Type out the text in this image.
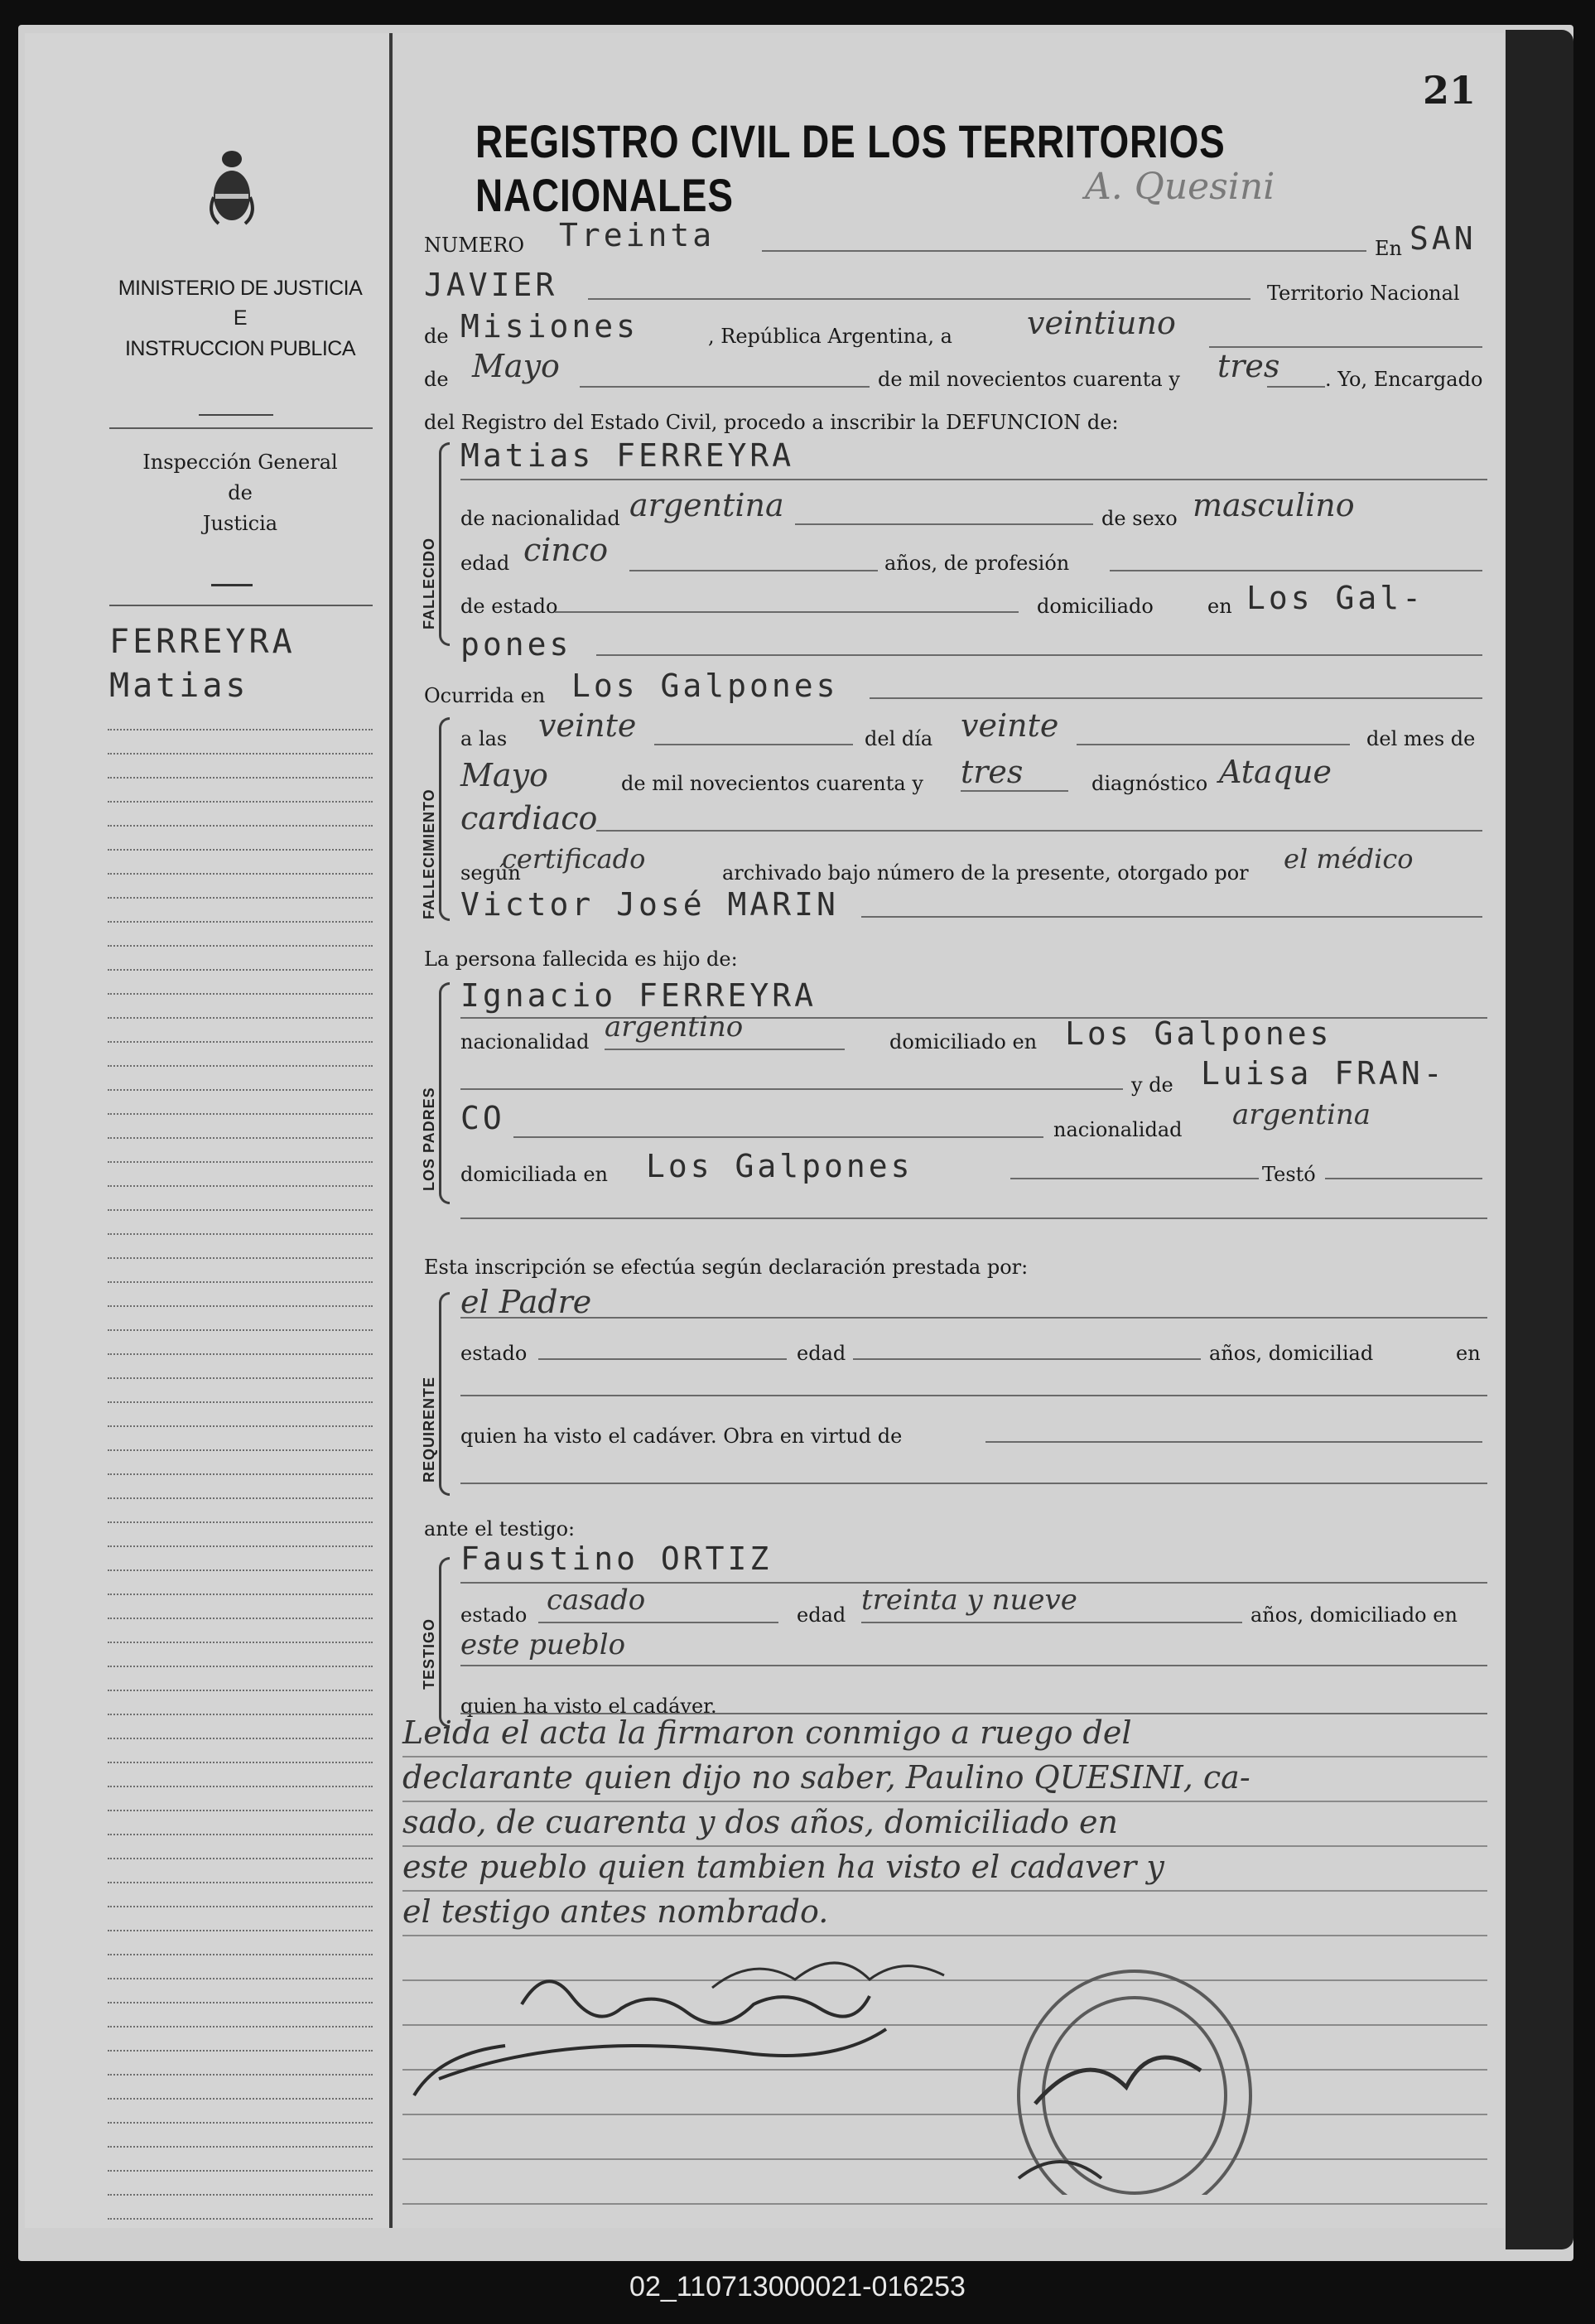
MINISTERIO DE JUSTICIA
E
INSTRUCCION PUBLICA
Inspección General
de
Justicia
FERREYRA
Matias
21
REGISTRO CIVIL DE LOS TERRITORIOS NACIONALES	A. Quesini
NUMERO Treinta	En SAN
JAVIER	Territorio Nacional
de Misiones	, República Argentina, a veintiuno
de Mayo	de mil novecientos cuarenta y tres . Yo, Encargado
del Registro del Estado Civil, procedo a inscribir la DEFUNCION de:
FALLECIDO
Matias FERREYRA
de nacionalidad argentina	de sexo masculino
edad cinco	años, de profesión
de estado	domiciliado	en Los Gal-
pones
Ocurrida en Los Galpones
FALLECIMIENTO
a las veinte	del día veinte	del mes de
Mayo	de mil novecientos cuarenta y tres	diagnóstico Ataque
cardiaco
según
certificado	archivado bajo número de la presente, otorgado por el médico
Victor José MARIN
La persona fallecida es hijo de:
LOS PADRES
Ignacio FERREYRA
nacionalidad argentino	domiciliado en Los Galpones
y de Luisa FRAN-
CO	nacionalidad argentina
domiciliada en Los Galpones	Testó
Esta inscripción se efectúa según declaración prestada por:
REQUIRENTE
el Padre
estado	edad	años, domiciliad	en
quien ha visto el cadáver. Obra en virtud de
ante el testigo:
TESTIGO
Faustino ORTIZ
estado casado	edad treinta y nueve	años, domiciliado en
este pueblo
quien ha visto el cadáver.
Leida el acta la firmaron conmigo a ruego del
declarante quien dijo no saber, Paulino QUESINI, ca-
sado, de cuarenta y dos años, domiciliado en
este pueblo quien tambien ha visto el cadaver y
el testigo antes nombrado.
02_110713000021-016253
